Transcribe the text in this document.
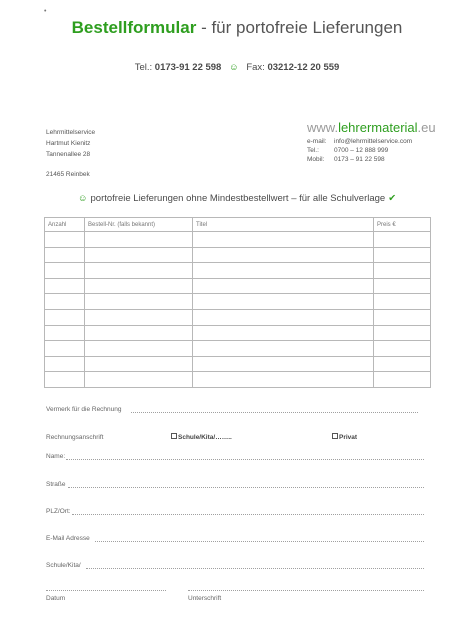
•
Bestellformular - für portofreie Lieferungen
Tel.: 0173-91 22 598 ☺ Fax: 03212-12 20 559
Lehrmittelservice
Hartmut Kienitz
Tannenallee 28
21465 Reinbek
www.lehrermaterial.eu
e-mail:	info@lehrmittelservice.com
Tel.:	0700 – 12 888 999
Mobil:	0173 – 91 22 598
☺ portofreie Lieferungen ohne Mindestbestellwert – für alle Schulverlage ✔
Anzahl	Bestell-Nr. (falls bekannt)	Titel	Preis €

Vermerk für die Rechnung
Rechnungsanschrift	Schule/Kita/……..	Privat
Name:
Straße
PLZ/Ort:
E-Mail Adresse
Schule/Kita/
Datum	Unterschrift
